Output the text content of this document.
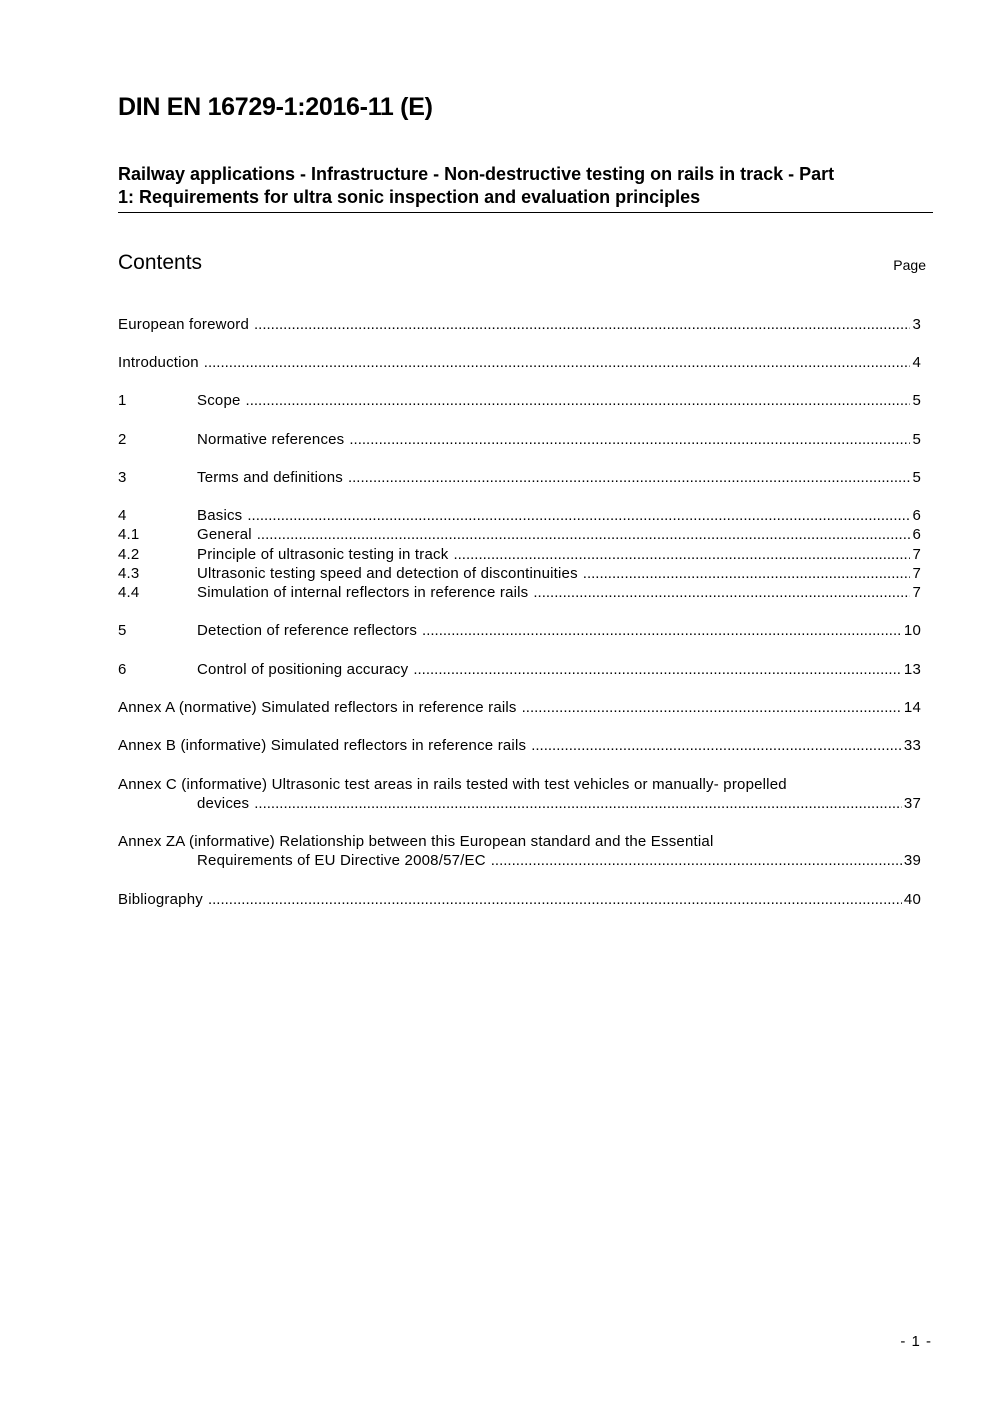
DIN EN 16729-1:2016-11 (E)
Railway applications - Infrastructure - Non-destructive testing on rails in track - Part
1: Requirements for ultra sonic inspection and evaluation principles
Contents	Page
European foreword .....	3
Introduction .....	4
1	Scope .....	5
2	Normative references .....	5
3	Terms and definitions .....	5
4	Basics .....	6
4.1	General .....	6
4.2	Principle of ultrasonic testing in track .....	7
4.3	Ultrasonic testing speed and detection of discontinuities .....	7
4.4	Simulation of internal reflectors in reference rails .....	7
5	Detection of reference reflectors .....	10
6	Control of positioning accuracy .....	13
Annex A (normative) Simulated reflectors in reference rails .....	14
Annex B (informative) Simulated reflectors in reference rails .....	33
Annex C (informative) Ultrasonic test areas in rails tested with test vehicles or manually- propelled
devices .....	37
Annex ZA (informative) Relationship between this European standard and the Essential
Requirements of EU Directive 2008/57/EC .....	39
Bibliography .....	40
- 1 -
